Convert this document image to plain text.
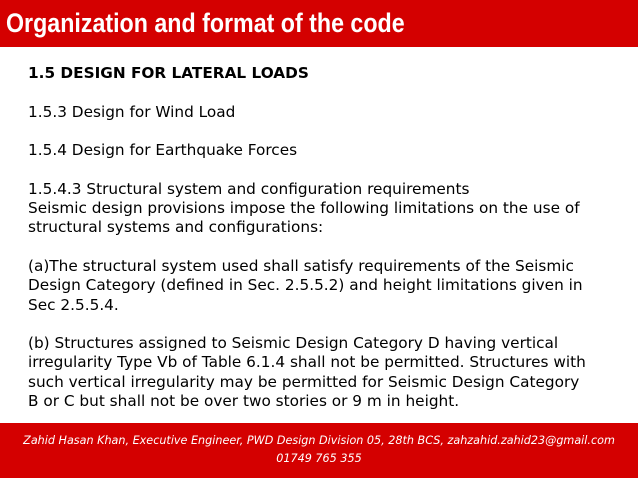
Organization and format of the code

1.5 DESIGN FOR LATERAL LOADS

1.5.3 Design for Wind Load

1.5.4 Design for Earthquake Forces

1.5.4.3 Structural system and configuration requirements
Seismic design provisions impose the following limitations on the use of
structural systems and configurations:

(a)The structural system used shall satisfy requirements of the Seismic
Design Category (defined in Sec. 2.5.5.2) and height limitations given in
Sec 2.5.5.4.

(b) Structures assigned to Seismic Design Category D having vertical
irregularity Type Vb of Table 6.1.4 shall not be permitted. Structures with
such vertical irregularity may be permitted for Seismic Design Category
B or C but shall not be over two stories or 9 m in height.

Zahid Hasan Khan, Executive Engineer, PWD Design Division 05, 28th BCS, zahzahid.zahid23@gmail.com
01749 765 355
